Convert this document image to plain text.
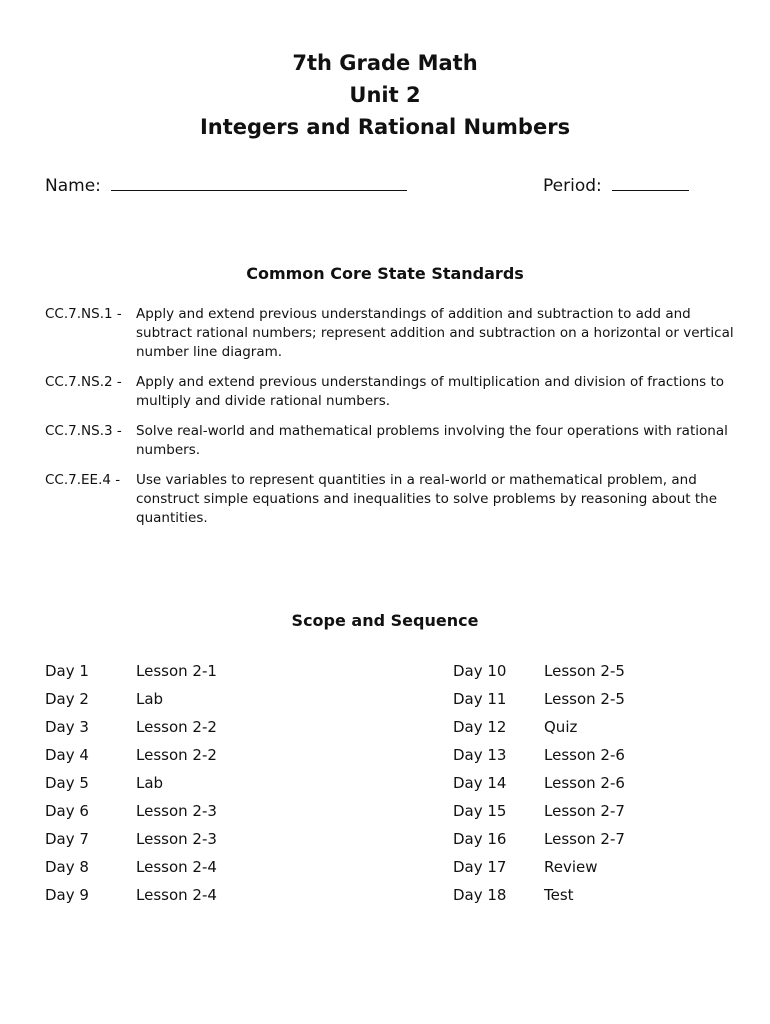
7th Grade Math
Unit 2
Integers and Rational Numbers
Name:	Period:
Common Core State Standards
CC.7.NS.1 -	Apply and extend previous understandings of addition and subtraction to add and subtract rational numbers; represent addition and subtraction on a horizontal or vertical number line diagram.
CC.7.NS.2 -	Apply and extend previous understandings of multiplication and division of fractions to multiply and divide rational numbers.
CC.7.NS.3 -	Solve real-world and mathematical problems involving the four operations with rational numbers.
CC.7.EE.4 -	Use variables to represent quantities in a real-world or mathematical problem, and construct simple equations and inequalities to solve problems by reasoning about the quantities.
Scope and Sequence
Day 1	Lesson 2-1
Day 2	Lab
Day 3	Lesson 2-2
Day 4	Lesson 2-2
Day 5	Lab
Day 6	Lesson 2-3
Day 7	Lesson 2-3
Day 8	Lesson 2-4
Day 9	Lesson 2-4
Day 10	Lesson 2-5
Day 11	Lesson 2-5
Day 12	Quiz
Day 13	Lesson 2-6
Day 14	Lesson 2-6
Day 15	Lesson 2-7
Day 16	Lesson 2-7
Day 17	Review
Day 18	Test
